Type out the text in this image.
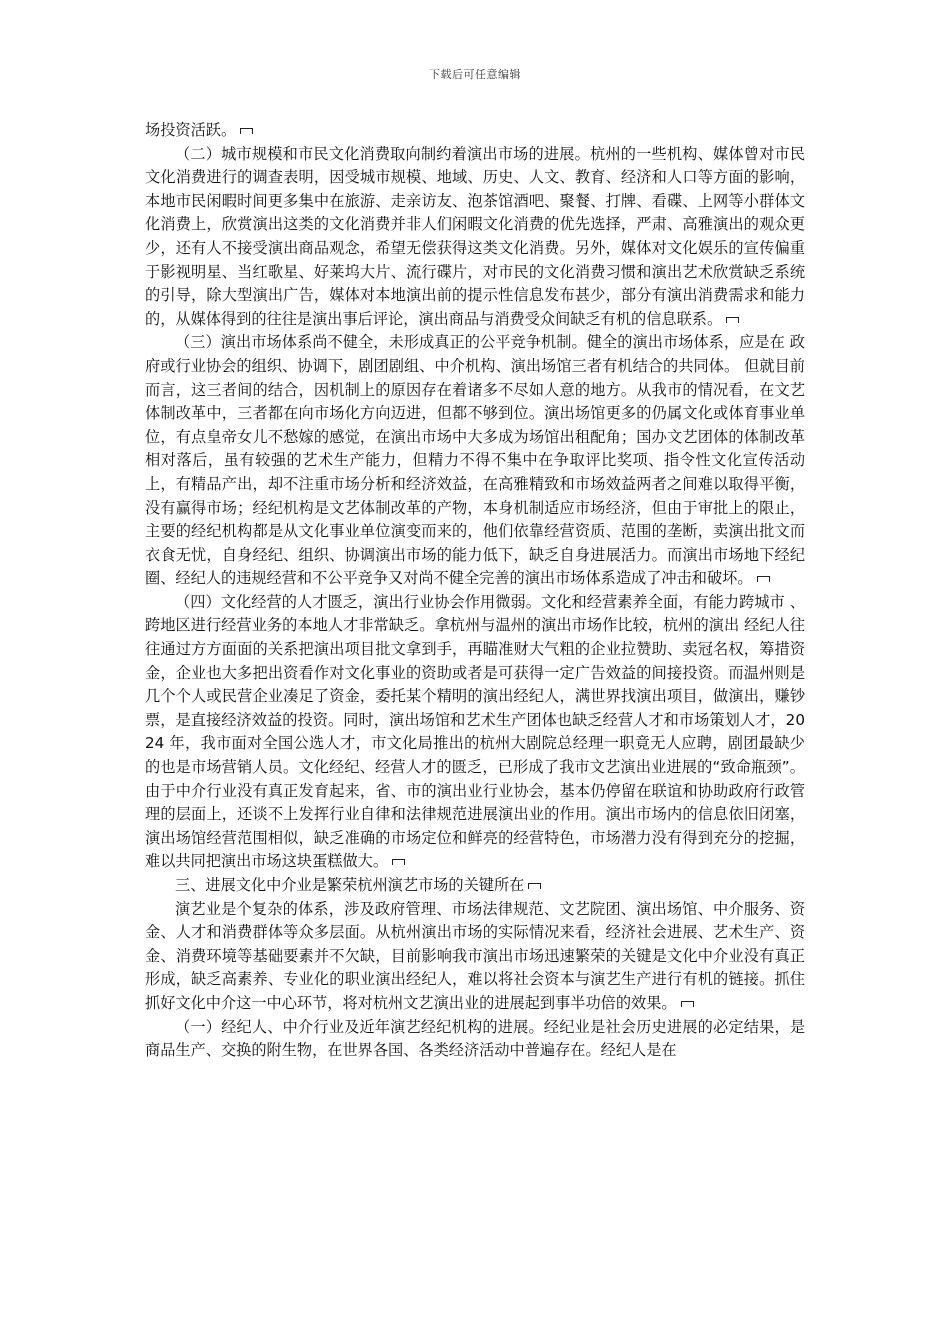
下载后可任意编辑

场投资活跃。

（二）城市规模和市民文化消费取向制约着演出市场的进展。杭州的一些机构、媒体曾对市民文化消费进行的调查表明，因受城市规模、地域、历史、人文、教育、经济和人口等方面的影响，本地市民闲暇时间更多集中在旅游、走亲访友、泡茶馆酒吧、聚餐、打牌、看碟、上网等小群体文化消费上，欣赏演出这类的文化消费并非人们闲暇文化消费的优先选择，严肃、高雅演出的观众更少，还有人不接受演出商品观念，希望无偿获得这类文化消费。另外，媒体对文化娱乐的宣传偏重于影视明星、当红歌星、好莱坞大片、流行碟片，对市民的文化消费习惯和演出艺术欣赏缺乏系统的引导，除大型演出广告，媒体对本地演出前的提示性信息发布甚少，部分有演出消费需求和能力的，从媒体得到的往往是演出事后评论，演出商品与消费受众间缺乏有机的信息联系。

（三）演出市场体系尚不健全，未形成真正的公平竞争机制。健全的演出市场体系，应是在 政府或行业协会的组织、协调下，剧团剧组、中介机构、演出场馆三者有机结合的共同体。 但就目前而言，这三者间的结合，因机制上的原因存在着诸多不尽如人意的地方。从我市的情况看，在文艺体制改革中，三者都在向市场化方向迈进，但都不够到位。演出场馆更多的仍属文化或体育事业单位，有点皇帝女儿不愁嫁的感觉，在演出市场中大多成为场馆出租配角；国办文艺团体的体制改革相对落后，虽有较强的艺术生产能力，但精力不得不集中在争取评比奖项、指令性文化宣传活动上，有精品产出，却不注重市场分析和经济效益，在高雅精致和市场效益两者之间难以取得平衡，没有赢得市场；经纪机构是文艺体制改革的产物，本身机制适应市场经济，但由于审批上的限止，主要的经纪机构都是从文化事业单位演变而来的，他们依靠经营资质、范围的垄断，卖演出批文而衣食无忧，自身经纪、组织、协调演出市场的能力低下，缺乏自身进展活力。而演出市场地下经纪圈、经纪人的违规经营和不公平竞争又对尚不健全完善的演出市场体系造成了冲击和破坏。

（四）文化经营的人才匮乏，演出行业协会作用微弱。文化和经营素养全面，有能力跨城市 、跨地区进行经营业务的本地人才非常缺乏。拿杭州与温州的演出市场作比较，杭州的演出 经纪人往往通过方方面面的关系把演出项目批文拿到手，再瞄准财大气粗的企业拉赞助、卖冠名权，筹措资金，企业也大多把出资看作对文化事业的资助或者是可获得一定广告效益的间接投资。而温州则是几个个人或民营企业凑足了资金，委托某个精明的演出经纪人，满世界找演出项目，做演出，赚钞票，是直接经济效益的投资。同时，演出场馆和艺术生产团体也缺乏经营人才和市场策划人才，2024 年，我市面对全国公选人才，市文化局推出的杭州大剧院总经理一职竟无人应聘，剧团最缺少的也是市场营销人员。文化经纪、经营人才的匮乏，已形成了我市文艺演出业进展的“致命瓶颈”。由于中介行业没有真正发育起来，省、市的演出业行业协会，基本仍停留在联谊和协助政府行政管理的层面上，还谈不上发挥行业自律和法律规范进展演出业的作用。演出市场内的信息依旧闭塞，演出场馆经营范围相似，缺乏准确的市场定位和鲜亮的经营特色，市场潜力没有得到充分的挖掘，难以共同把演出市场这块蛋糕做大。

三、进展文化中介业是繁荣杭州演艺市场的关键所在

演艺业是个复杂的体系，涉及政府管理、市场法律规范、文艺院团、演出场馆、中介服务、资金、人才和消费群体等众多层面。从杭州演出市场的实际情况来看，经济社会进展、艺术生产、资金、消费环境等基础要素并不欠缺，目前影响我市演出市场迅速繁荣的关键是文化中介业没有真正形成，缺乏高素养、专业化的职业演出经纪人，难以将社会资本与演艺生产进行有机的链接。抓住抓好文化中介这一中心环节，将对杭州文艺演出业的进展起到事半功倍的效果。

（一）经纪人、中介行业及近年演艺经纪机构的进展。经纪业是社会历史进展的必定结果，是商品生产、交换的附生物，在世界各国、各类经济活动中普遍存在。经纪人是在
